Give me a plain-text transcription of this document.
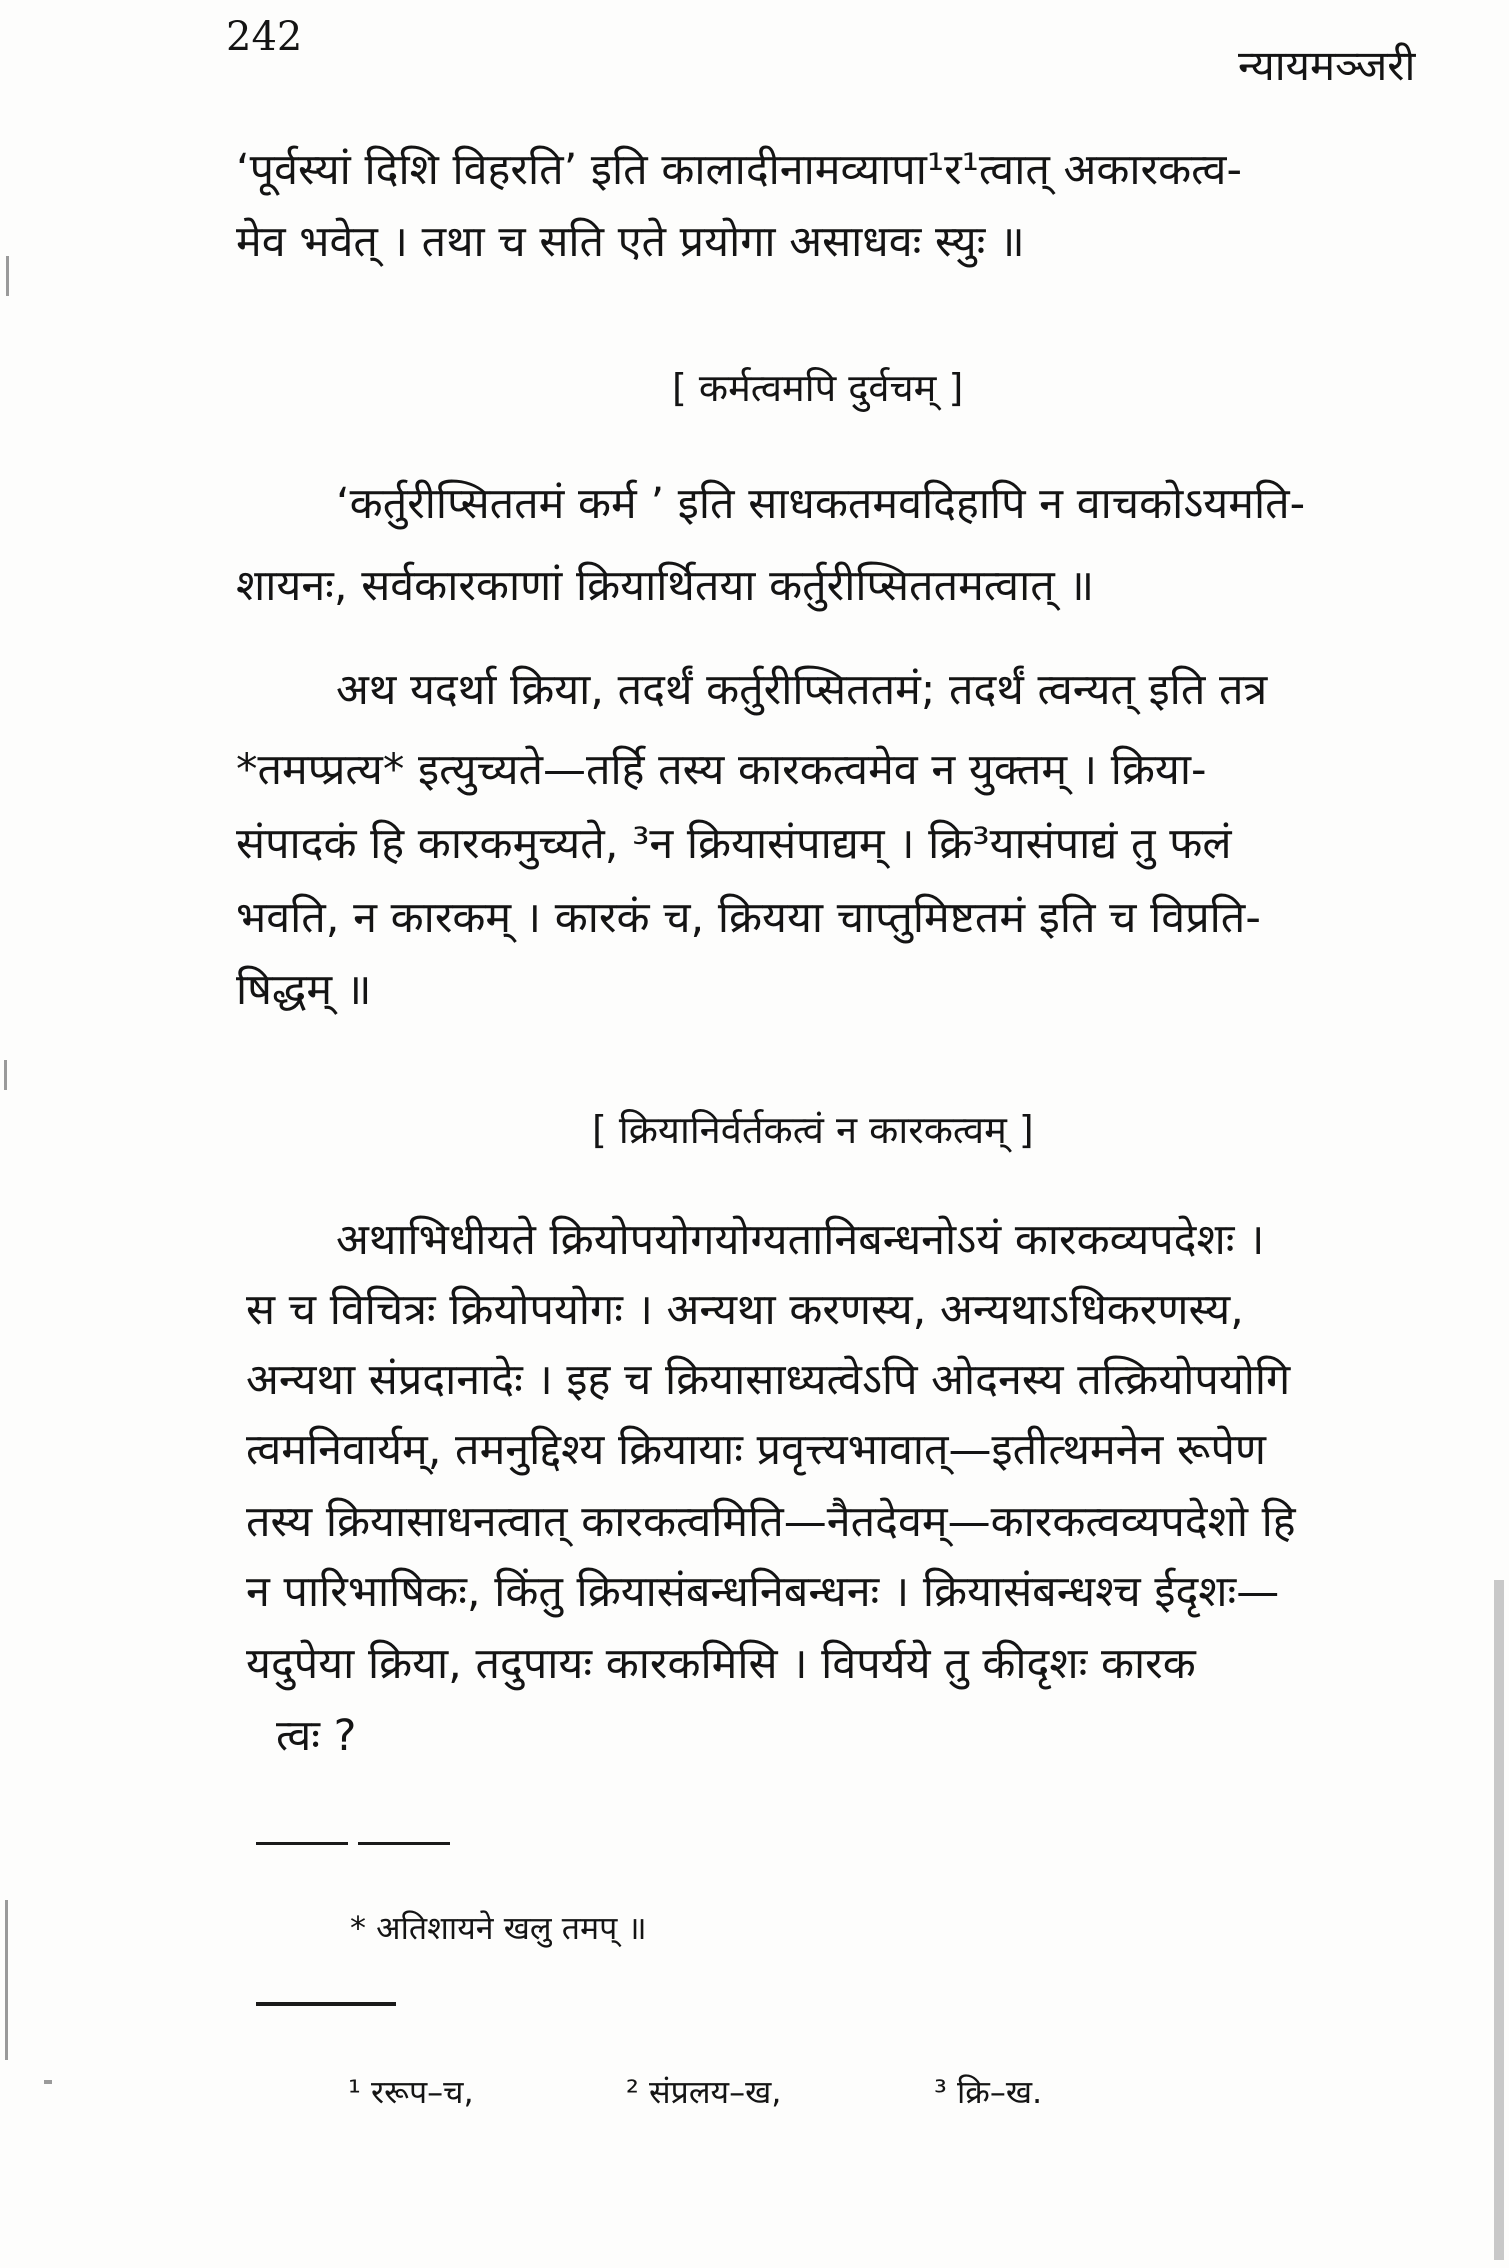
242
न्यायमञ्जरी
‘पूर्वस्यां दिशि विहरति’ इति कालादीनामव्यापा¹र¹त्वात् अकारकत्व-
मेव भवेत् । तथा च सति एते प्रयोगा असाधवः स्युः ॥
[ कर्मत्वमपि दुर्वचम् ]
‘कर्तुरीप्सिततमं कर्म ’ इति साधकतमवदिहापि न वाचकोऽयमति-
शायनः, सर्वकारकाणां क्रियार्थितया कर्तुरीप्सिततमत्वात् ॥
अथ यदर्था क्रिया, तदर्थं कर्तुरीप्सिततमं; तदर्थं त्वन्यत् इति तत्र
*तमप्प्रत्य* इत्युच्यते—तर्हि तस्य कारकत्वमेव न युक्तम् । क्रिया-
संपादकं हि कारकमुच्यते, ³न क्रियासंपाद्यम् । क्रि³यासंपाद्यं तु फलं
भवति, न कारकम् । कारकं च, क्रियया चाप्तुमिष्टतमं इति च विप्रति-
षिद्धम् ॥
[ क्रियानिर्वर्तकत्वं न कारकत्वम् ]
अथाभिधीयते क्रियोपयोगयोग्यतानिबन्धनोऽयं कारकव्यपदेशः ।
स च विचित्रः क्रियोपयोगः । अन्यथा करणस्य, अन्यथाऽधिकरणस्य,
अन्यथा संप्रदानादेः । इह च क्रियासाध्यत्वेऽपि ओदनस्य तत्क्रियोपयोगि
त्वमनिवार्यम्, तमनुद्दिश्य क्रियायाः प्रवृत्त्यभावात्—इतीत्थमनेन रूपेण
तस्य क्रियासाधनत्वात् कारकत्वमिति—नैतदेवम्—कारकत्वव्यपदेशो हि
न पारिभाषिकः, किंतु क्रियासंबन्धनिबन्धनः । क्रियासंबन्धश्च ईदृशः—
यदुपेया क्रिया, तदुपायः कारकमिसि । विपर्यये तु कीदृशः कारक
त्वः ?
* अतिशायने खलु तमप् ॥
¹ ररूप–च,	² संप्रलय–ख,	³ क्रि–ख.
